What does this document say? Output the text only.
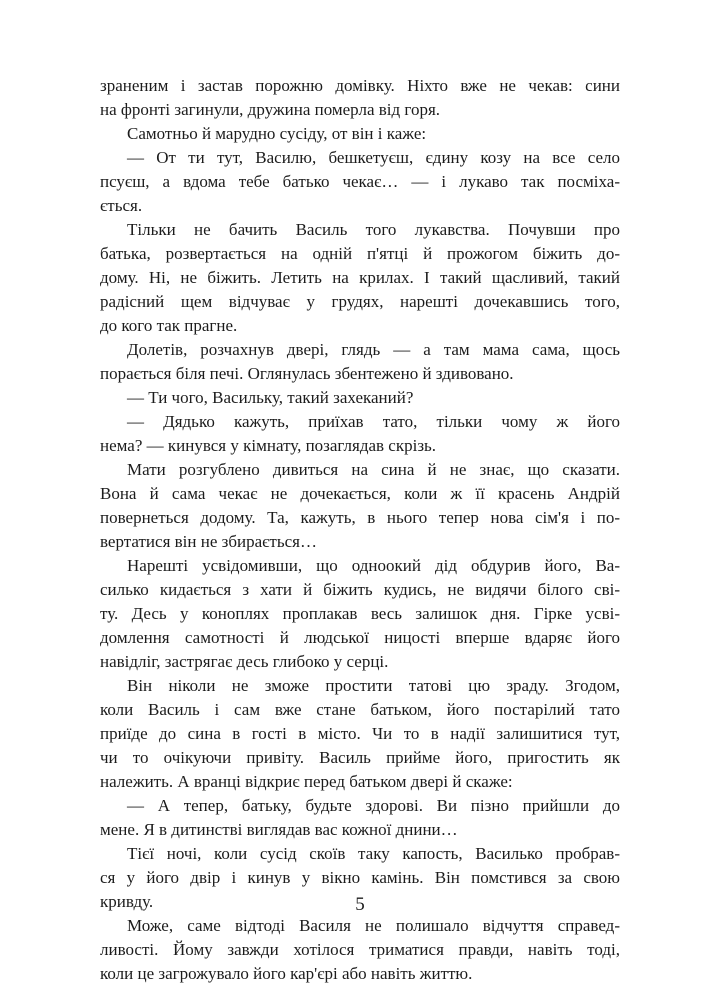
зраненим і застав порожню домівку. Ніхто вже не чекав: сини
на фронті загинули, дружина померла від горя.
Самотньо й марудно сусіду, от він і каже:
— От ти тут, Василю, бешкетуєш, єдину козу на все село
псуєш, а вдома тебе батько чекає… — і лукаво так посміха-
ється.
Тільки не бачить Василь того лукавства. Почувши про
батька, розвертається на одній п'ятці й прожогом біжить до-
дому. Ні, не біжить. Летить на крилах. І такий щасливий, такий
радісний щем відчуває у грудях, нарешті дочекавшись того,
до кого так прагне.
Долетів, розчахнув двері, глядь — а там мама сама, щось
порається біля печі. Оглянулась збентежено й здивовано.
— Ти чого, Васильку, такий захеканий?
— Дядько кажуть, приїхав тато, тільки чому ж його
нема? — кинувся у кімнату, позаглядав скрізь.
Мати розгублено дивиться на сина й не знає, що сказати.
Вона й сама чекає не дочекається, коли ж її красень Андрій
повернеться додому. Та, кажуть, в нього тепер нова сім'я і по-
вертатися він не збирається…
Нарешті усвідомивши, що одноокий дід обдурив його, Ва-
силько кидається з хати й біжить кудись, не видячи білого сві-
ту. Десь у коноплях проплакав весь залишок дня. Гірке усві-
домлення самотності й людської ницості вперше вдаряє його
навідліг, застрягає десь глибоко у серці.
Він ніколи не зможе простити татові цю зраду. Згодом,
коли Василь і сам вже стане батьком, його постарілий тато
приїде до сина в гості в місто. Чи то в надії залишитися тут,
чи то очікуючи привіту. Василь прийме його, пригостить як
належить. А вранці відкриє перед батьком двері й скаже:
— А тепер, батьку, будьте здорові. Ви пізно прийшли до
мене. Я в дитинстві виглядав вас кожної днини…
Тієї ночі, коли сусід скоїв таку капость, Василько пробрав-
ся у його двір і кинув у вікно камінь. Він помстився за свою
кривду.
Може, саме відтоді Василя не полишало відчуття справед-
ливості. Йому завжди хотілося триматися правди, навіть тоді,
коли це загрожувало його кар'єрі або навіть життю.
5
